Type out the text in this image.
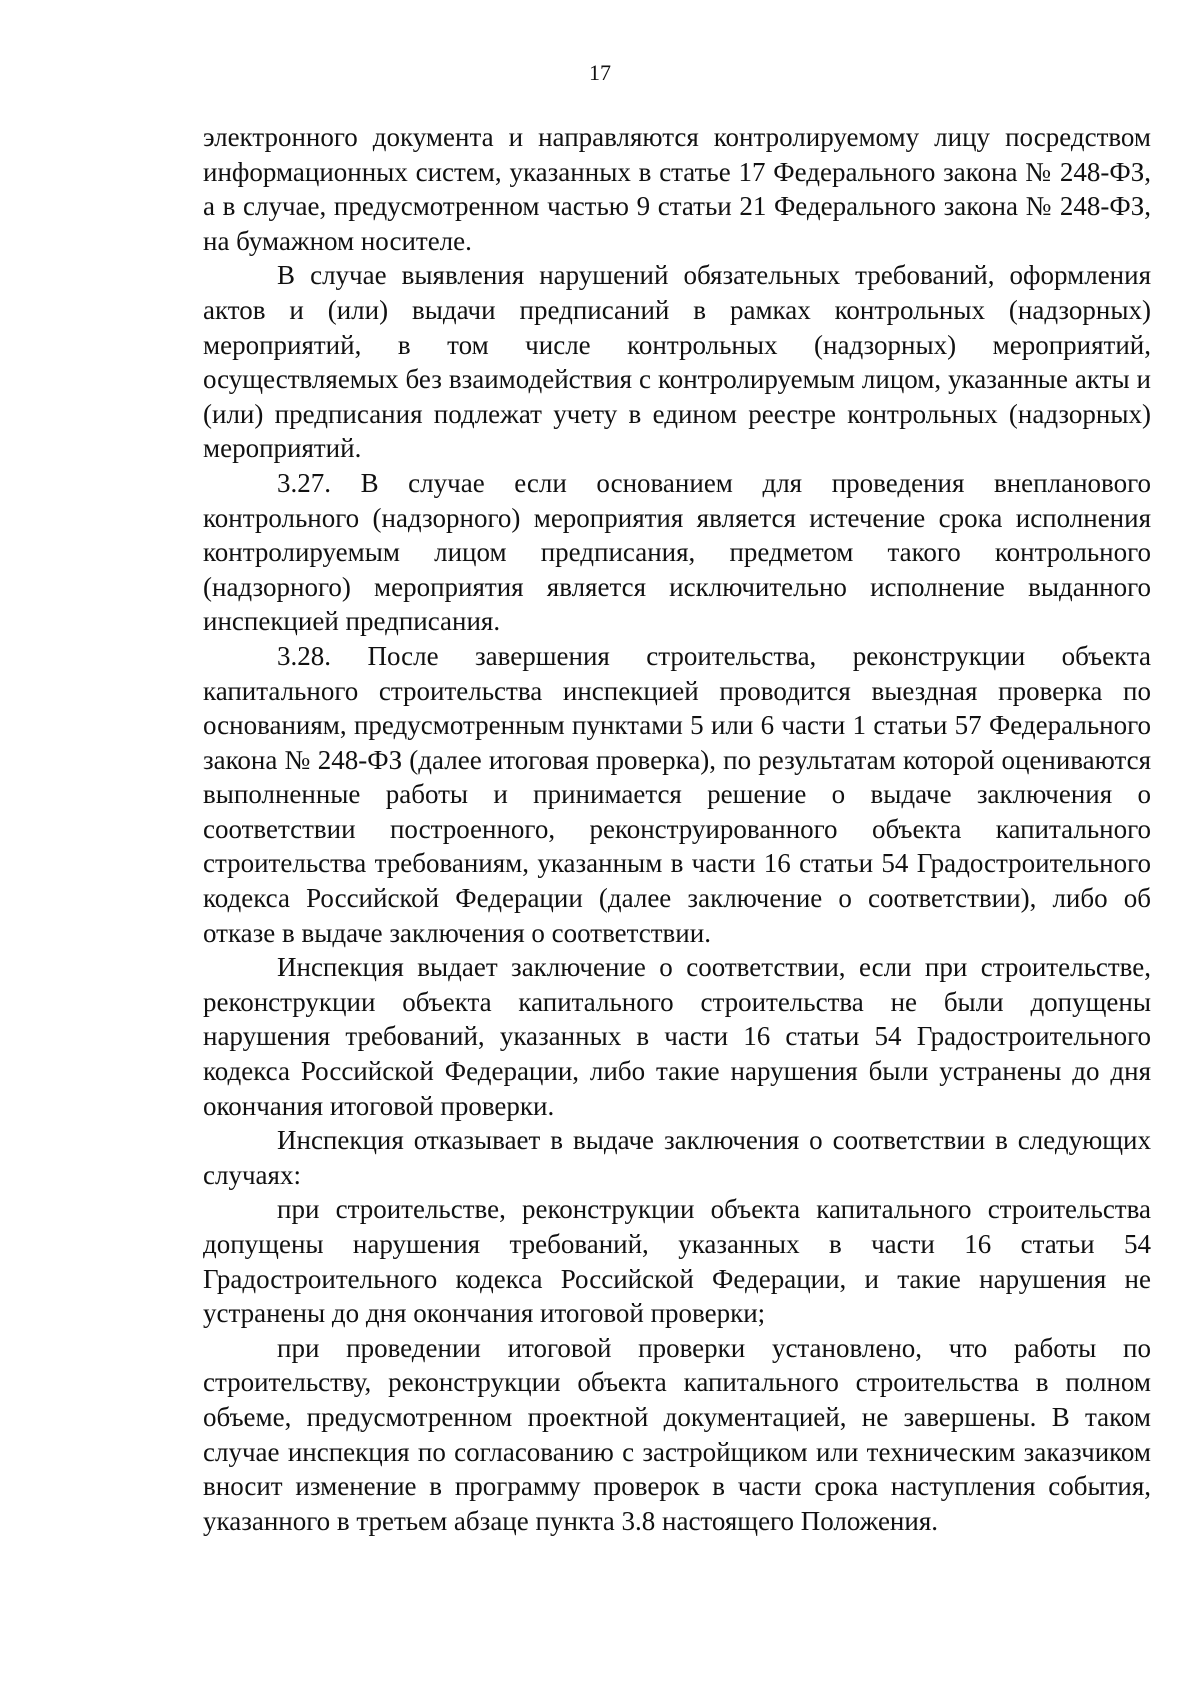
17

электронного документа и направляются контролируемому лицу посредством информационных систем, указанных в статье 17 Федерального закона № 248-ФЗ, а в случае, предусмотренном частью 9 статьи 21 Федерального закона № 248-ФЗ, на бумажном носителе.

В случае выявления нарушений обязательных требований, оформления актов и (или) выдачи предписаний в рамках контрольных (надзорных) мероприятий, в том числе контрольных (надзорных) мероприятий, осуществляемых без взаимодействия с контролируемым лицом, указанные акты и (или) предписания подлежат учету в едином реестре контрольных (надзорных) мероприятий.

3.27. В случае если основанием для проведения внепланового контрольного (надзорного) мероприятия является истечение срока исполнения контролируемым лицом предписания, предметом такого контрольного (надзорного) мероприятия является исключительно исполнение выданного инспекцией предписания.

3.28. После завершения строительства, реконструкции объекта капитального строительства инспекцией проводится выездная проверка по основаниям, предусмотренным пунктами 5 или 6 части 1 статьи 57 Федерального закона № 248-ФЗ (далее итоговая проверка), по результатам которой оцениваются выполненные работы и принимается решение о выдаче заключения о соответствии построенного, реконструированного объекта капитального строительства требованиям, указанным в части 16 статьи 54 Градостроительного кодекса Российской Федерации (далее заключение о соответствии), либо об отказе в выдаче заключения о соответствии.

Инспекция выдает заключение о соответствии, если при строительстве, реконструкции объекта капитального строительства не были допущены нарушения требований, указанных в части 16 статьи 54 Градостроительного кодекса Российской Федерации, либо такие нарушения были устранены до дня окончания итоговой проверки.

Инспекция отказывает в выдаче заключения о соответствии в следующих случаях:

при строительстве, реконструкции объекта капитального строительства допущены нарушения требований, указанных в части 16 статьи 54 Градостроительного кодекса Российской Федерации, и такие нарушения не устранены до дня окончания итоговой проверки;

при проведении итоговой проверки установлено, что работы по строительству, реконструкции объекта капитального строительства в полном объеме, предусмотренном проектной документацией, не завершены. В таком случае инспекция по согласованию с застройщиком или техническим заказчиком вносит изменение в программу проверок в части срока наступления события, указанного в третьем абзаце пункта 3.8 настоящего Положения.
